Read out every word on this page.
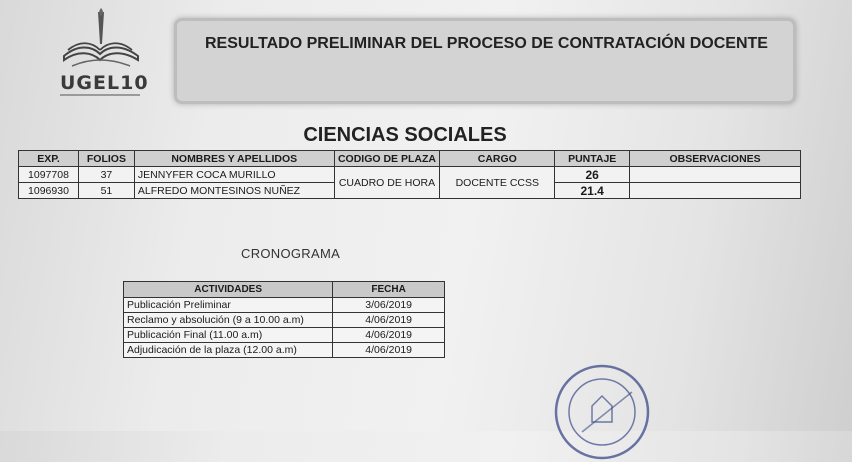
UGEL10
RESULTADO PRELIMINAR DEL PROCESO DE CONTRATACIÓN DOCENTE
CIENCIAS SOCIALES
EXP.	FOLIOS	NOMBRES Y APELLIDOS	CODIGO DE PLAZA	CARGO	PUNTAJE	OBSERVACIONES
1097708	37	JENNYFER COCA MURILLO	CUADRO DE HORA	DOCENTE CCSS	26	
1096930	51	ALFREDO MONTESINOS NUÑEZ			21.4	
CRONOGRAMA
ACTIVIDADES	FECHA
Publicación Preliminar	3/06/2019
Reclamo y absolución (9 a 10.00 a.m)	4/06/2019
Publicación Final (11.00 a.m)	4/06/2019
Adjudicación de la plaza (12.00 a.m)	4/06/2019
